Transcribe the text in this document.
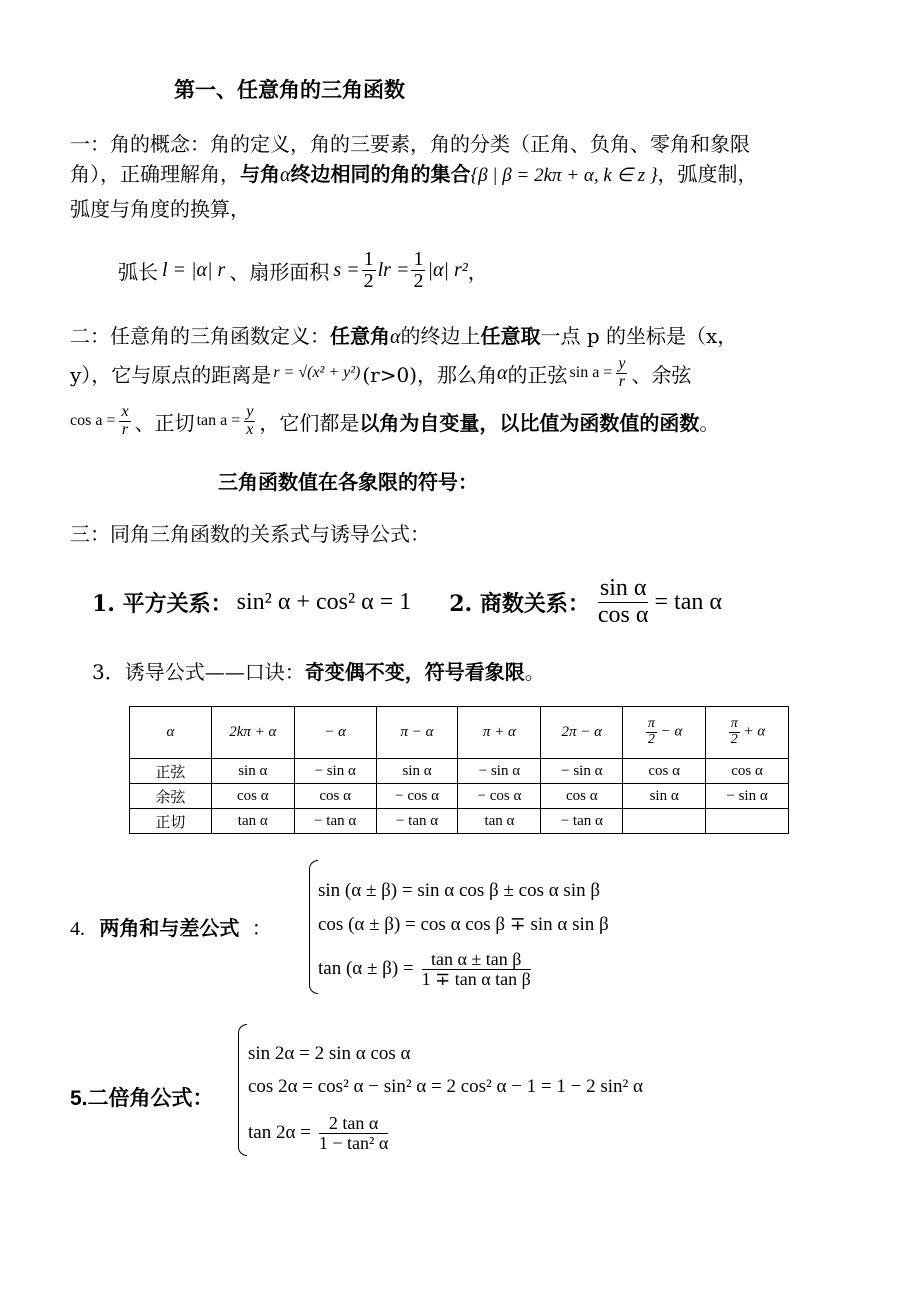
第一、任意角的三角函数
一：角的概念：角的定义，角的三要素，角的分类（正角、负角、零角和象限
角），正确理解角，与角α终边相同的角的集合{β | β = 2kπ + α, k ∈ z }，弧度制，
弧度与角度的换算，
弧长 l = |α| r 、扇形面积 $s = \frac{1}{2}$ lr = $\frac{1}{2} |\alpha|$ r² ，
二：任意角的三角函数定义：任意角α的终边上任意取一点 p 的坐标是（x，
y），它与原点的距离是 r = √(x² + y²) (r>0)，那么角 α 的正弦 $\sin a = \frac{y}{r}$ 、余弦
$\cos a = \frac{x}{r}$ 、正切 $\tan a = \frac{y}{x}$ ，它们都是 以角为自变量，以比值为函数值的函数 。
三角函数值在各象限的符号：
三：同角三角函数的关系式与诱导公式：
1. 平方关系： sin² α + cos² α = 1 2. 商数关系： $\frac{\text{sin α}}{\text{cos α}} = \tan \alpha$
3．诱导公式——口诀：奇变偶不变，符号看象限。
α	2kπ + α	− α	π − α	π + α	2π − α	$\frac{\pi}{2} - \alpha$	$\frac{\pi}{2} + \alpha$
正弦	sin α	− sin α	sin α	− sin α	− sin α	cos α	cos α
余弦	cos α	cos α	− cos α	− cos α	cos α	sin α	− sin α
正切	tan α	− tan α	− tan α	tan α	− tan α		
4. 两角和与差公式 ：
sin (α ± β) = sin α cos β ± cos α sin β
cos (α ± β) = cos α cos β ∓ sin α sin β
$\tan (\alpha \pm \beta) = \frac{\text{tan α ± tan β}}{\text{1 ∓ tan α tan β}}$
5.二倍角公式：
sin 2α = 2 sin α cos α
cos 2α = cos² α − sin² α = 2 cos² α − 1 = 1 − 2 sin² α
$\tan 2\alpha = \frac{\text{2 tan α}}{\text{1 − tan² α}}$
